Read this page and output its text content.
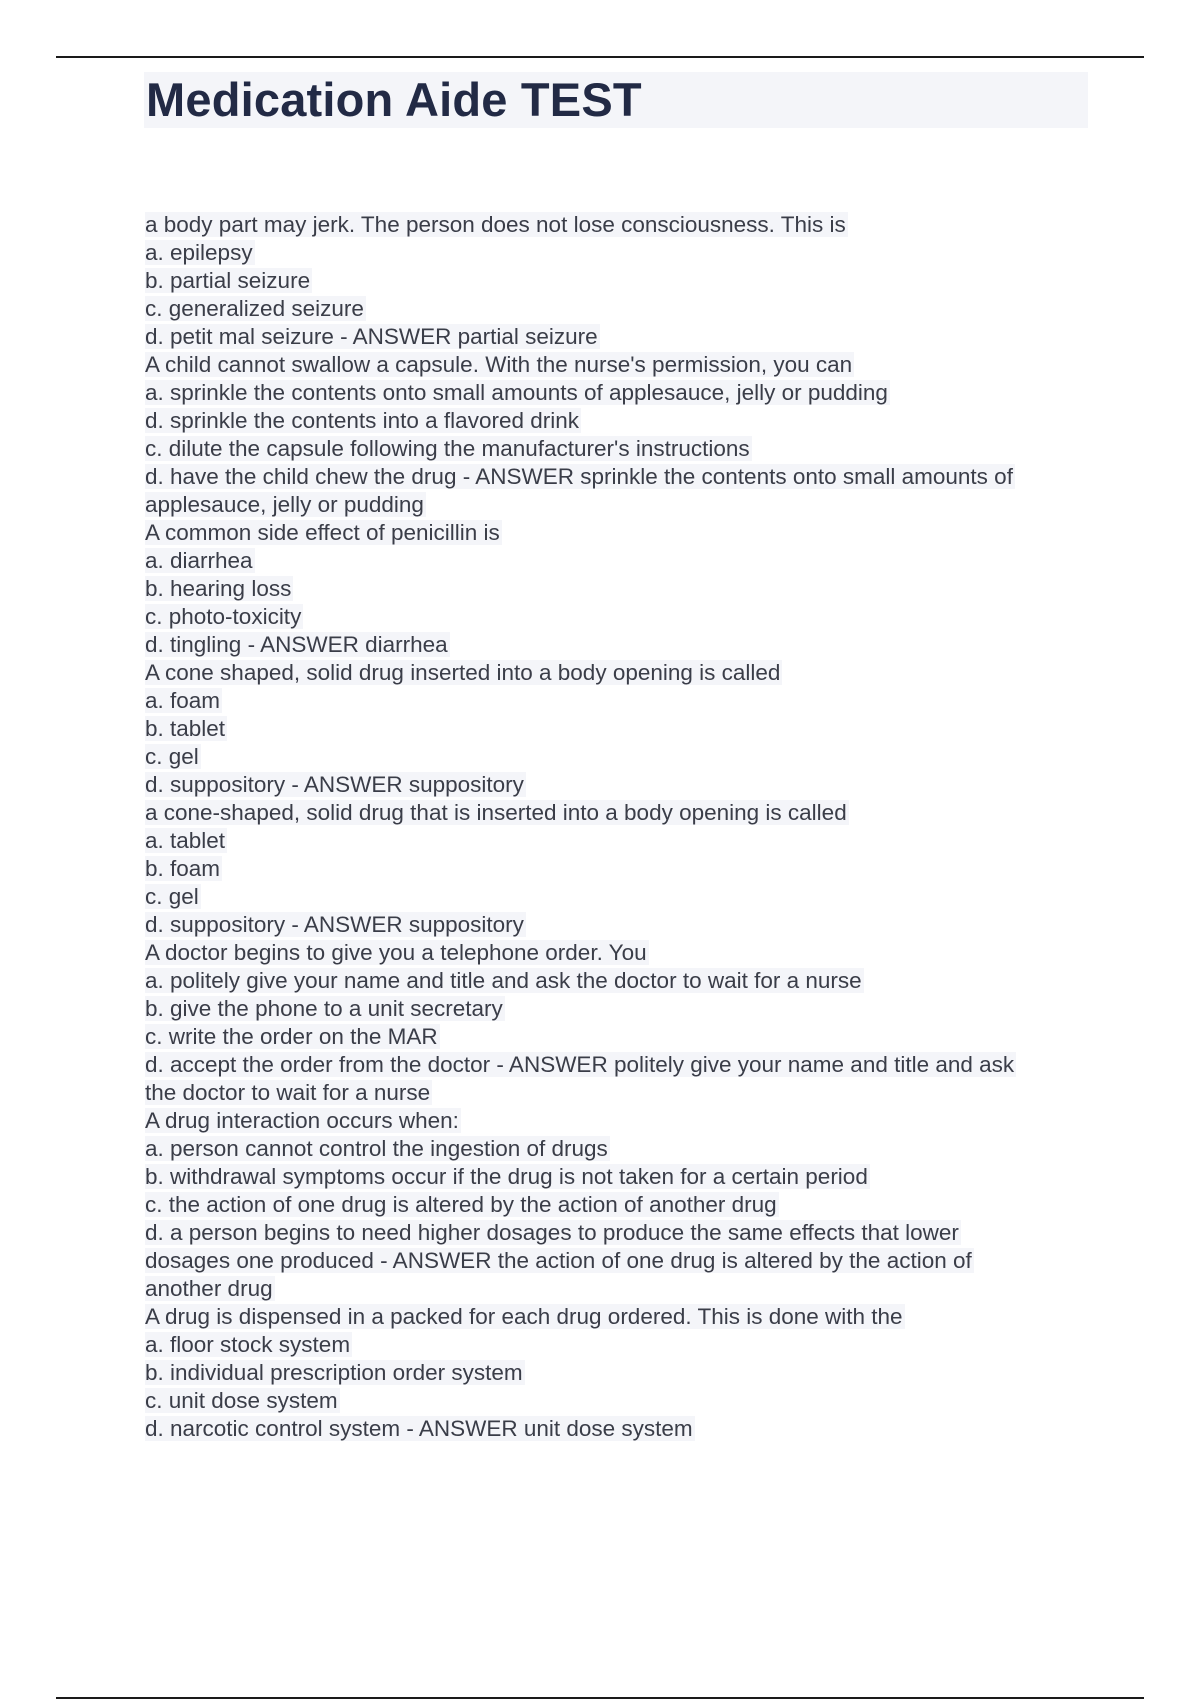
Medication Aide TEST
a body part may jerk. The person does not lose consciousness. This is
a. epilepsy
b. partial seizure
c. generalized seizure
d. petit mal seizure - ANSWER partial seizure
A child cannot swallow a capsule. With the nurse's permission, you can
a. sprinkle the contents onto small amounts of applesauce, jelly or pudding
d. sprinkle the contents into a flavored drink
c. dilute the capsule following the manufacturer's instructions
d. have the child chew the drug - ANSWER sprinkle the contents onto small amounts of
applesauce, jelly or pudding
A common side effect of penicillin is
a. diarrhea
b. hearing loss
c. photo-toxicity
d. tingling - ANSWER diarrhea
A cone shaped, solid drug inserted into a body opening is called
a. foam
b. tablet
c. gel
d. suppository - ANSWER suppository
a cone-shaped, solid drug that is inserted into a body opening is called
a. tablet
b. foam
c. gel
d. suppository - ANSWER suppository
A doctor begins to give you a telephone order. You
a. politely give your name and title and ask the doctor to wait for a nurse
b. give the phone to a unit secretary
c. write the order on the MAR
d. accept the order from the doctor - ANSWER politely give your name and title and ask
the doctor to wait for a nurse
A drug interaction occurs when:
a. person cannot control the ingestion of drugs
b. withdrawal symptoms occur if the drug is not taken for a certain period
c. the action of one drug is altered by the action of another drug
d. a person begins to need higher dosages to produce the same effects that lower
dosages one produced - ANSWER the action of one drug is altered by the action of
another drug
A drug is dispensed in a packed for each drug ordered. This is done with the
a. floor stock system
b. individual prescription order system
c. unit dose system
d. narcotic control system - ANSWER unit dose system
